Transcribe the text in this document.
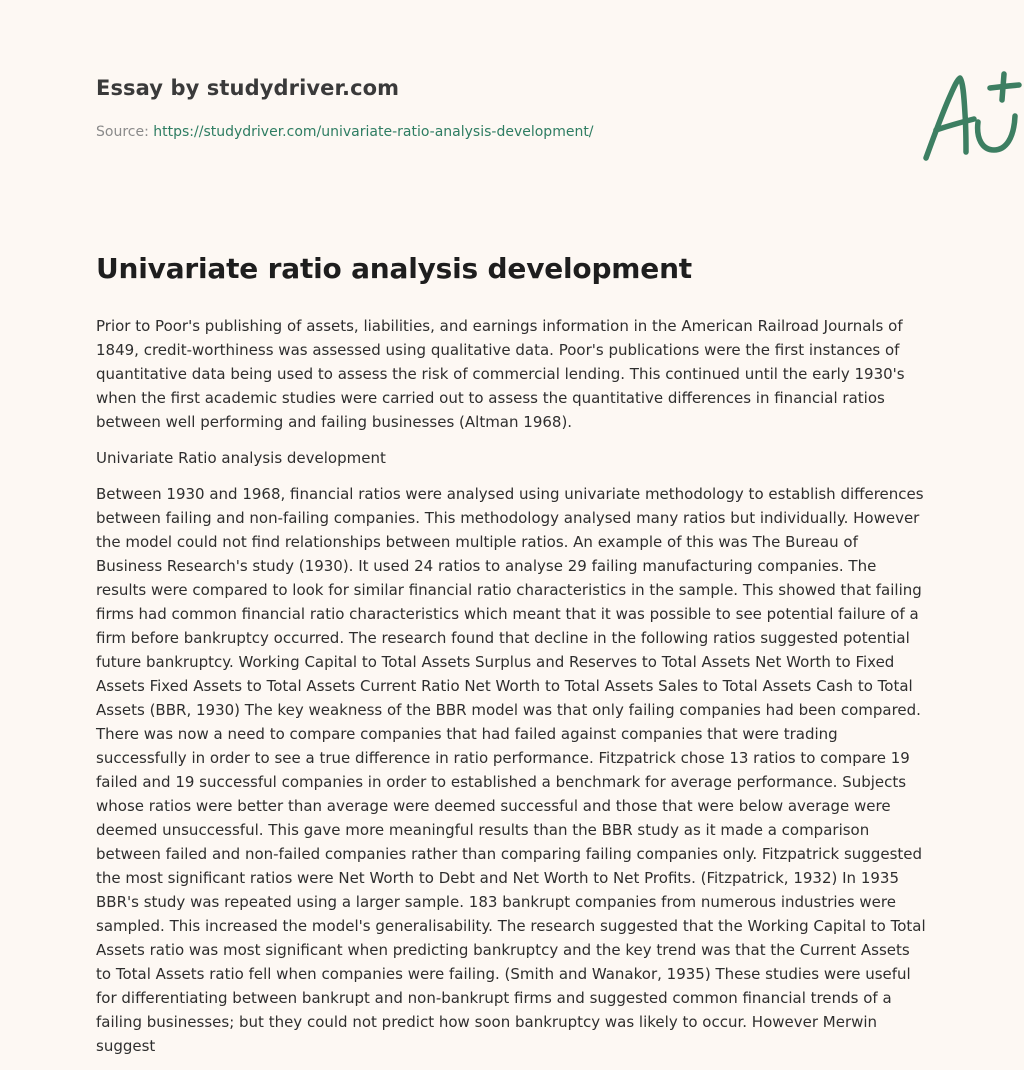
Essay by studydriver.com
Source: https://studydriver.com/univariate-ratio-analysis-development/
Univariate ratio analysis development

Prior to Poor's publishing of assets, liabilities, and earnings information in the American Railroad Journals of 1849, credit-worthiness was assessed using qualitative data. Poor's publications were the first instances of quantitative data being used to assess the risk of commercial lending. This continued until the early 1930's when the first academic studies were carried out to assess the quantitative differences in financial ratios between well performing and failing businesses (Altman 1968).

Univariate Ratio analysis development

Between 1930 and 1968, financial ratios were analysed using univariate methodology to establish differences between failing and non-failing companies. This methodology analysed many ratios but individually. However the model could not find relationships between multiple ratios. An example of this was The Bureau of Business Research's study (1930). It used 24 ratios to analyse 29 failing manufacturing companies. The results were compared to look for similar financial ratio characteristics in the sample. This showed that failing firms had common financial ratio characteristics which meant that it was possible to see potential failure of a firm before bankruptcy occurred. The research found that decline in the following ratios suggested potential future bankruptcy. Working Capital to Total Assets Surplus and Reserves to Total Assets Net Worth to Fixed Assets Fixed Assets to Total Assets Current Ratio Net Worth to Total Assets Sales to Total Assets Cash to Total Assets (BBR, 1930) The key weakness of the BBR model was that only failing companies had been compared. There was now a need to compare companies that had failed against companies that were trading successfully in order to see a true difference in ratio performance. Fitzpatrick chose 13 ratios to compare 19 failed and 19 successful companies in order to established a benchmark for average performance. Subjects whose ratios were better than average were deemed successful and those that were below average were deemed unsuccessful. This gave more meaningful results than the BBR study as it made a comparison between failed and non-failed companies rather than comparing failing companies only. Fitzpatrick suggested the most significant ratios were Net Worth to Debt and Net Worth to Net Profits. (Fitzpatrick, 1932) In 1935 BBR's study was repeated using a larger sample. 183 bankrupt companies from numerous industries were sampled. This increased the model's generalisability. The research suggested that the Working Capital to Total Assets ratio was most significant when predicting bankruptcy and the key trend was that the Current Assets to Total Assets ratio fell when companies were failing. (Smith and Wanakor, 1935) These studies were useful for differentiating between bankrupt and non-bankrupt firms and suggested common financial trends of a failing businesses; but they could not predict how soon bankruptcy was likely to occur. However Merwin suggest
